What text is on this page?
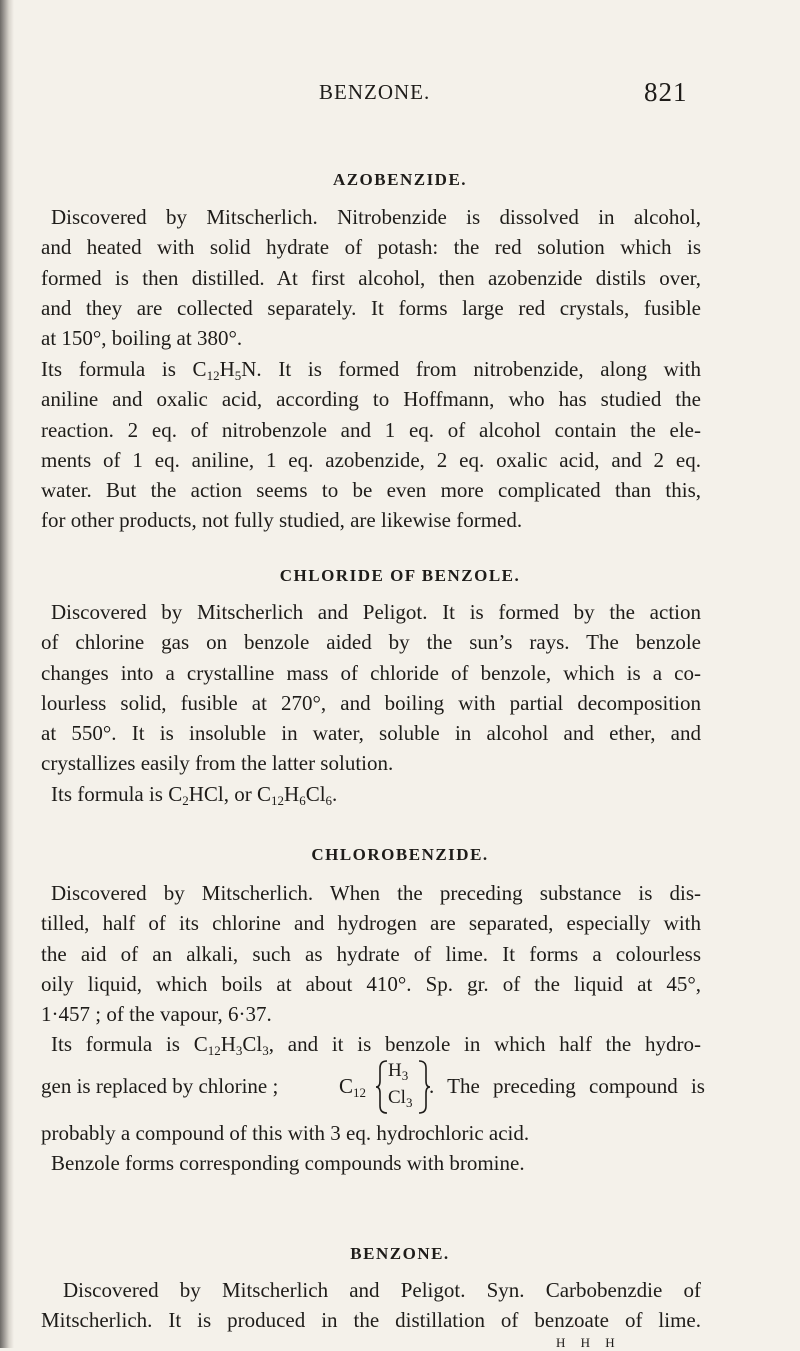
BENZONE.	821
AZOBENZIDE.
Discovered by Mitscherlich. Nitrobenzide is dissolved in alcohol,
and heated with solid hydrate of potash: the red solution which is
formed is then distilled. At first alcohol, then azobenzide distils over,
and they are collected separately. It forms large red crystals, fusible
at 150°, boiling at 380°.
Its formula is $C_{12}H_5N$. It is formed from nitrobenzide, along with
aniline and oxalic acid, according to Hoffmann, who has studied the
reaction. 2 eq. of nitrobenzole and 1 eq. of alcohol contain the ele-
ments of 1 eq. aniline, 1 eq. azobenzide, 2 eq. oxalic acid, and 2 eq.
water. But the action seems to be even more complicated than this,
for other products, not fully studied, are likewise formed.
CHLORIDE OF BENZOLE.
Discovered by Mitscherlich and Peligot. It is formed by the action
of chlorine gas on benzole aided by the sun’s rays. The benzole
changes into a crystalline mass of chloride of benzole, which is a co-
lourless solid, fusible at 270°, and boiling with partial decomposition
at 550°. It is insoluble in water, soluble in alcohol and ether, and
crystallizes easily from the latter solution.
Its formula is $C_2HCl$, or $C_{12}H_6Cl_6$.
CHLOROBENZIDE.
Discovered by Mitscherlich. When the preceding substance is dis-
tilled, half of its chlorine and hydrogen are separated, especially with
the aid of an alkali, such as hydrate of lime. It forms a colourless
oily liquid, which boils at about 410°. Sp. gr. of the liquid at 45°,
1·457 ; of the vapour, 6·37.
Its formula is $C_{12}H_3Cl_3$, and it is benzole in which half the hydro-
gen is replaced by chlorine ;	$C_{12}$
$H_3$
$Cl_3$
. The preceding compound is
probably a compound of this with 3 eq. hydrochloric acid.
Benzole forms corresponding compounds with bromine.
BENZONE.
Discovered by Mitscherlich and Peligot. Syn. Carbobenzdie of
Mitscherlich. It is produced in the distillation of benzoate of lime.
H H H
